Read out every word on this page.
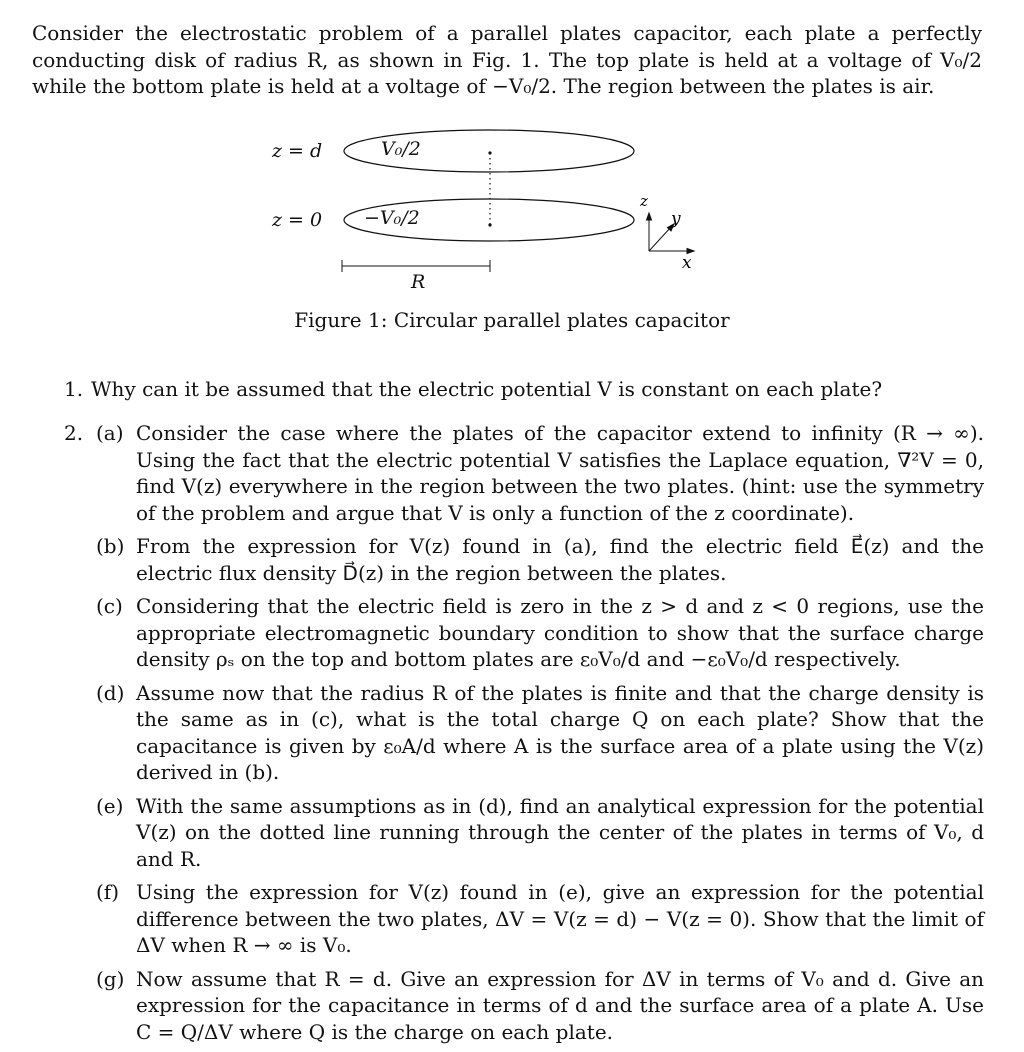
Consider the electrostatic problem of a parallel plates capacitor, each plate a perfectly conducting disk of radius R, as shown in Fig. 1. The top plate is held at a voltage of V₀/2 while the bottom plate is held at a voltage of −V₀/2. The region between the plates is air.
z
y
x
z = d
z = 0
V₀/2
−V₀/2
R
Figure 1: Circular parallel plates capacitor
1. Why can it be assumed that the electric potential V is constant on each plate?
2. (a) Consider the case where the plates of the capacitor extend to infinity (R → ∞). Using the fact that the electric potential V satisfies the Laplace equation, ∇²V = 0, find V(z) everywhere in the region between the two plates. (hint: use the symmetry of the problem and argue that V is only a function of the z coordinate).
(b) From the expression for V(z) found in (a), find the electric field E⃗(z) and the electric flux density D⃗(z) in the region between the plates.
(c) Considering that the electric field is zero in the z > d and z < 0 regions, use the appropriate electromagnetic boundary condition to show that the surface charge density ρₛ on the top and bottom plates are ε₀V₀/d and −ε₀V₀/d respectively.
(d) Assume now that the radius R of the plates is finite and that the charge density is the same as in (c), what is the total charge Q on each plate? Show that the capacitance is given by ε₀A/d where A is the surface area of a plate using the V(z) derived in (b).
(e) With the same assumptions as in (d), find an analytical expression for the potential V(z) on the dotted line running through the center of the plates in terms of V₀, d and R.
(f) Using the expression for V(z) found in (e), give an expression for the potential difference between the two plates, ΔV = V(z = d) − V(z = 0). Show that the limit of ΔV when R → ∞ is V₀.
(g) Now assume that R = d. Give an expression for ΔV in terms of V₀ and d. Give an expression for the capacitance in terms of d and the surface area of a plate A. Use C = Q/ΔV where Q is the charge on each plate.
